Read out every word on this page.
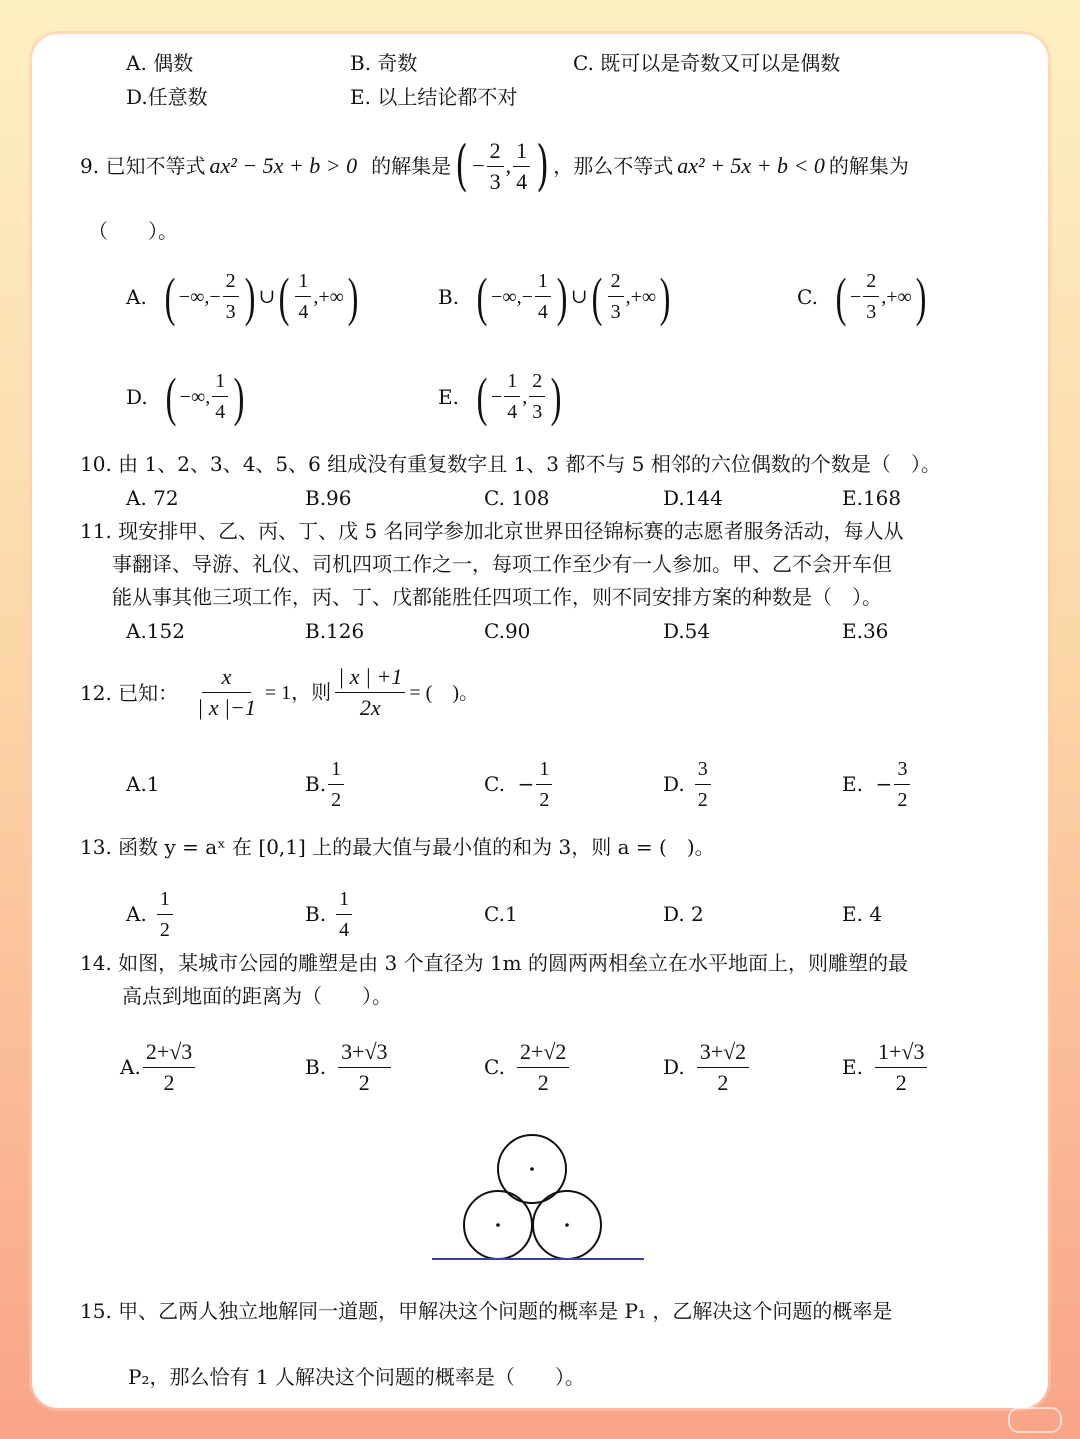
A. 偶数	B. 奇数	C. 既可以是奇数又可以是偶数
D.任意数	E. 以上结论都不对
9.
已知不等式 ax² − 5x + b > 0 的解集是 ( − $\frac{2}{3}$ , $\frac{1}{4}$ ) ，那么不等式 ax² + 5x + b < 0 的解集为
（　　）。
A. ( −∞,− $\frac{2}{3}$ ) ∪ ( $\frac{1}{4}$ ,+∞ )	B. ( −∞,− $\frac{1}{4}$ ) ∪ ( $\frac{2}{3}$ ,+∞ )	C. ( − $\frac{2}{3}$ ,+∞ )
D. ( −∞, $\frac{1}{4}$ )	E. ( − $\frac{1}{4}$ , $\frac{2}{3}$ )
10. 由 1、2、3、4、5、6 组成没有重复数字且 1、3 都不与 5 相邻的六位偶数的个数是（　）。
A. 72	B.96	C. 108	D.144	E.168
11. 现安排甲、乙、丙、丁、戊 5 名同学参加北京世界田径锦标赛的志愿者服务活动，每人从
事翻译、导游、礼仪、司机四项工作之一，每项工作至少有一人参加。甲、乙不会开车但
能从事其他三项工作，丙、丁、戊都能胜任四项工作，则不同安排方案的种数是（　）。
A.152	B.126	C.90	D.54	E.36
12. 已知： $\frac{x}{| x |-1} = 1$，则 $\frac{| x | +1}{2x}$ = (　)。
A.1	B. $\frac{1}{2}$	C.  − $\frac{1}{2}$	D. $\frac{3}{2}$	E.  − $\frac{3}{2}$
13. 函数 y = aˣ 在 [0,1] 上的最大值与最小值的和为 3，则 a = (　)。
A. $\frac{1}{2}$	B. $\frac{1}{4}$	C.1	D. 2	E. 4
14. 如图，某城市公园的雕塑是由 3 个直径为 1m 的圆两两相垒立在水平地面上，则雕塑的最
高点到地面的距离为（　　）。
A. $\frac{2+√3}{2}$	B. $\frac{3+√3}{2}$	C. $\frac{2+√2}{2}$	D. $\frac{3+√2}{2}$	E. $\frac{1+√3}{2}$
15. 甲、乙两人独立地解同一道题，甲解决这个问题的概率是 P₁ ，乙解决这个问题的概率是
P₂，那么恰有 1 人解决这个问题的概率是（　　）。
